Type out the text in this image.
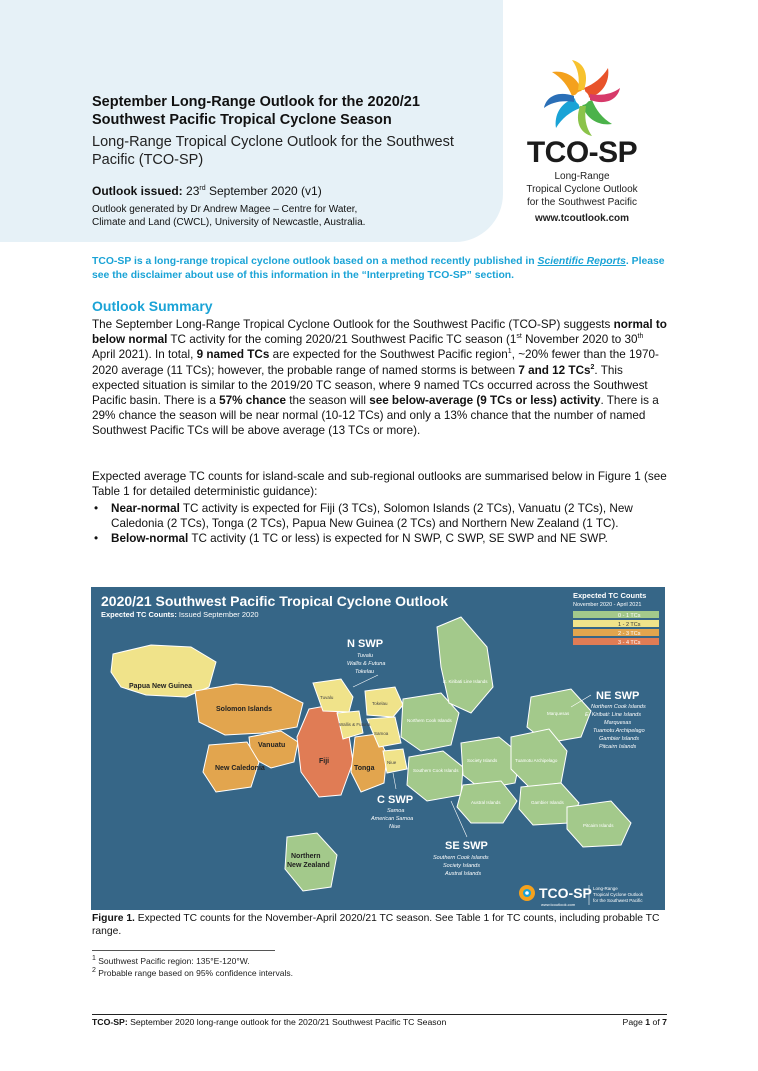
September Long-Range Outlook for the 2020/21
Southwest Pacific Tropical Cyclone Season
Long-Range Tropical Cyclone Outlook for the Southwest Pacific (TCO-SP)
Outlook issued: 23rd September 2020 (v1)
Outlook generated by Dr Andrew Magee – Centre for Water,
Climate and Land (CWCL), University of Newcastle, Australia.
TCO-SP
Long-Range
Tropical Cyclone Outlook
for the Southwest Pacific
www.tcoutlook.com
TCO-SP is a long-range tropical cyclone outlook based on a method recently published in Scientific Reports. Please see the disclaimer about use of this information in the “Interpreting TCO-SP” section.
Outlook Summary
The September Long-Range Tropical Cyclone Outlook for the Southwest Pacific (TCO-SP) suggests normal to below normal TC activity for the coming 2020/21 Southwest Pacific TC season (1st November 2020 to 30th April 2021). In total, 9 named TCs are expected for the Southwest Pacific region$^1$, ~20% fewer than the 1970-2020 average (11 TCs); however, the probable range of named storms is between 7 and 12 TCs$^2$. This expected situation is similar to the 2019/20 TC season, where 9 named TCs occurred across the Southwest Pacific basin. There is a 57% chance the season will see below-average (9 TCs or less) activity. There is a 29% chance the season will be near normal (10-12 TCs) and only a 13% chance that the number of named Southwest Pacific TCs will be above average (13 TCs or more).
Expected average TC counts for island-scale and sub-regional outlooks are summarised below in Figure 1 (see Table 1 for detailed deterministic guidance):
• Near-normal TC activity is expected for Fiji (3 TCs), Solomon Islands (2 TCs), Vanuatu (2 TCs), New Caledonia (2 TCs), Tonga (2 TCs), Papua New Guinea (2 TCs) and Northern New Zealand (1 TC).
• Below-normal TC activity (1 TC or less) is expected for N SWP, C SWP, SE SWP and NE SWP.
2020/21 Southwest Pacific Tropical Cyclone Outlook
Expected TC Counts: Issued September 2020
Expected TC Counts
November 2020 - April 2021
0 - 1 TCs
1 - 2 TCs
2 - 3 TCs
3 - 4 TCs
Papua New Guinea
Solomon Islands
Vanuatu
New Caledonia
Fiji
Tonga
Northern
New Zealand
Tuvalu
Tokelau
Wallis & Futuna
Samoa
Niue
Northern Cook Islands
Southern Cook Islands
E. Kiribati Line Islands
Society Islands
Austral Islands
Marquesas
Tuamotu Archipelago
Gambier Islands
Pitcairn Islands
N SWP
Tuvalu
Wallis & Futuna
Tokelau
C SWP
Samoa
American Samoa
Niue
SE SWP
Southern Cook Islands
Society Islands
Austral Islands
NE SWP
Northern Cook Islands
E. Kiribati: Line Islands
Marquesas
Tuamotu Archipelago
Gambier Islands
Pitcairn Islands
TCO-SP
www.tcoutlook.com
Long-Range
Tropical Cyclone Outlook
for the Southwest Pacific
Figure 1. Expected TC counts for the November-April 2020/21 TC season. See Table 1 for TC counts, including probable TC range.
$^1$ Southwest Pacific region: 135°E-120°W.
$^2$ Probable range based on 95% confidence intervals.
TCO-SP: September 2020 long-range outlook for the 2020/21 Southwest Pacific TC Season	Page 1 of 7
